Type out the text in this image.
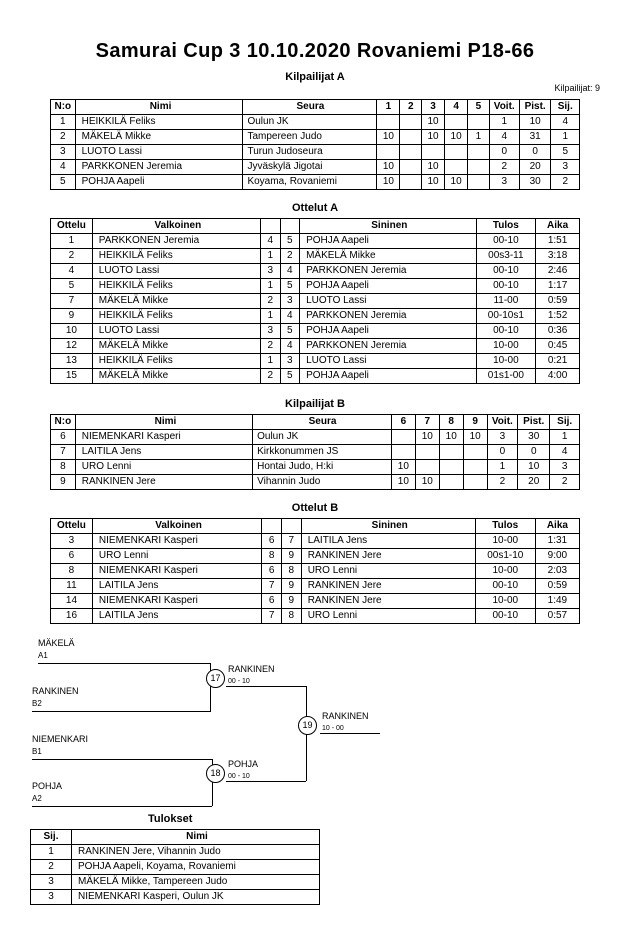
Samurai Cup 3 10.10.2020 Rovaniemi P18-66
Kilpailijat A
Kilpailijat: 9
N:o	Nimi	Seura	1	2	3	4	5	Voit.	Pist.	Sij.
1	HEIKKILÄ Feliks	Oulun JK			10			1	10	4
2	MÄKELÄ Mikke	Tampereen Judo	10		10	10	1	4	31	1
3	LUOTO Lassi	Turun Judoseura						0	0	5
4	PARKKONEN Jeremia	Jyväskylä Jigotai	10		10			2	20	3
5	POHJA Aapeli	Koyama, Rovaniemi	10		10	10		3	30	2
Ottelut A
Ottelu	Valkoinen			Sininen	Tulos	Aika
1	PARKKONEN Jeremia	4	5	POHJA Aapeli	00-10	1:51
2	HEIKKILÄ Feliks	1	2	MÄKELÄ Mikke	00s3-11	3:18
4	LUOTO Lassi	3	4	PARKKONEN Jeremia	00-10	2:46
5	HEIKKILÄ Feliks	1	5	POHJA Aapeli	00-10	1:17
7	MÄKELÄ Mikke	2	3	LUOTO Lassi	11-00	0:59
9	HEIKKILÄ Feliks	1	4	PARKKONEN Jeremia	00-10s1	1:52
10	LUOTO Lassi	3	5	POHJA Aapeli	00-10	0:36
12	MÄKELÄ Mikke	2	4	PARKKONEN Jeremia	10-00	0:45
13	HEIKKILÄ Feliks	1	3	LUOTO Lassi	10-00	0:21
15	MÄKELÄ Mikke	2	5	POHJA Aapeli	01s1-00	4:00
Kilpailijat B
N:o	Nimi	Seura	6	7	8	9	Voit.	Pist.	Sij.
6	NIEMENKARI Kasperi	Oulun JK		10	10	10	3	30	1
7	LAITILA Jens	Kirkkonummen JS					0	0	4
8	URO Lenni	Hontai Judo, H:ki	10				1	10	3
9	RANKINEN Jere	Vihannin Judo	10	10			2	20	2
Ottelut B
Ottelu	Valkoinen			Sininen	Tulos	Aika
3	NIEMENKARI Kasperi	6	7	LAITILA Jens	10-00	1:31
6	URO Lenni	8	9	RANKINEN Jere	00s1-10	9:00
8	NIEMENKARI Kasperi	6	8	URO Lenni	10-00	2:03
11	LAITILA Jens	7	9	RANKINEN Jere	00-10	0:59
14	NIEMENKARI Kasperi	6	9	RANKINEN Jere	10-00	1:49
16	LAITILA Jens	7	8	URO Lenni	00-10	0:57
MÄKELÄ
A1
RANKINEN
B2
17
RANKINEN
00 - 10
NIEMENKARI
B1
POHJA
A2
18
POHJA
00 - 10
19
RANKINEN
10 - 00
Tulokset
Sij.	Nimi
1	RANKINEN Jere, Vihannin Judo
2	POHJA Aapeli, Koyama, Rovaniemi
3	MÄKELÄ Mikke, Tampereen Judo
3	NIEMENKARI Kasperi, Oulun JK
